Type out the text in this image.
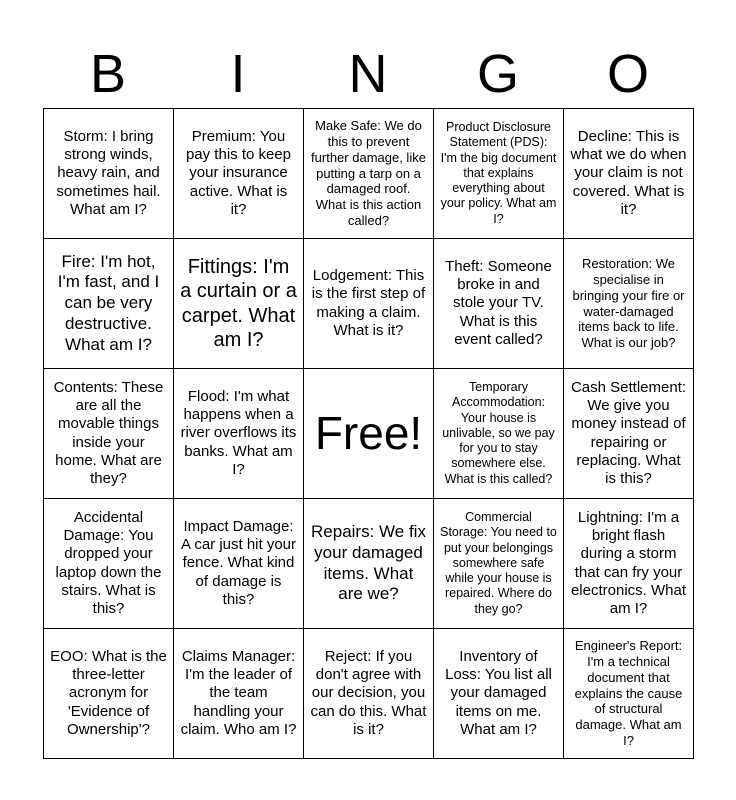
B	I	N	G	O
Storm: I bring strong winds, heavy rain, and sometimes hail. What am I?	Premium: You pay this to keep your insurance active. What is it?	Make Safe: We do this to prevent further damage, like putting a tarp on a damaged roof. What is this action called?	Product Disclosure Statement (PDS): I'm the big document that explains everything about your policy. What am I?	Decline: This is what we do when your claim is not covered. What is it?
Fire: I'm hot, I'm fast, and I can be very destructive. What am I?	Fittings: I'm a curtain or a carpet. What am I?	Lodgement: This is the first step of making a claim. What is it?	Theft: Someone broke in and stole your TV. What is this event called?	Restoration: We specialise in bringing your fire or water-damaged items back to life. What is our job?
Contents: These are all the movable things inside your home. What are they?	Flood: I'm what happens when a river overflows its banks. What am I?	Free!	Temporary Accommodation: Your house is unlivable, so we pay for you to stay somewhere else. What is this called?	Cash Settlement: We give you money instead of repairing or replacing. What is this?
Accidental Damage: You dropped your laptop down the stairs. What is this?	Impact Damage: A car just hit your fence. What kind of damage is this?	Repairs: We fix your damaged items. What are we?	Commercial Storage: You need to put your belongings somewhere safe while your house is repaired. Where do they go?	Lightning: I'm a bright flash during a storm that can fry your electronics. What am I?
EOO: What is the three-letter acronym for 'Evidence of Ownership'?	Claims Manager: I'm the leader of the team handling your claim. Who am I?	Reject: If you don't agree with our decision, you can do this. What is it?	Inventory of Loss: You list all your damaged items on me. What am I?	Engineer's Report: I'm a technical document that explains the cause of structural damage. What am I?
